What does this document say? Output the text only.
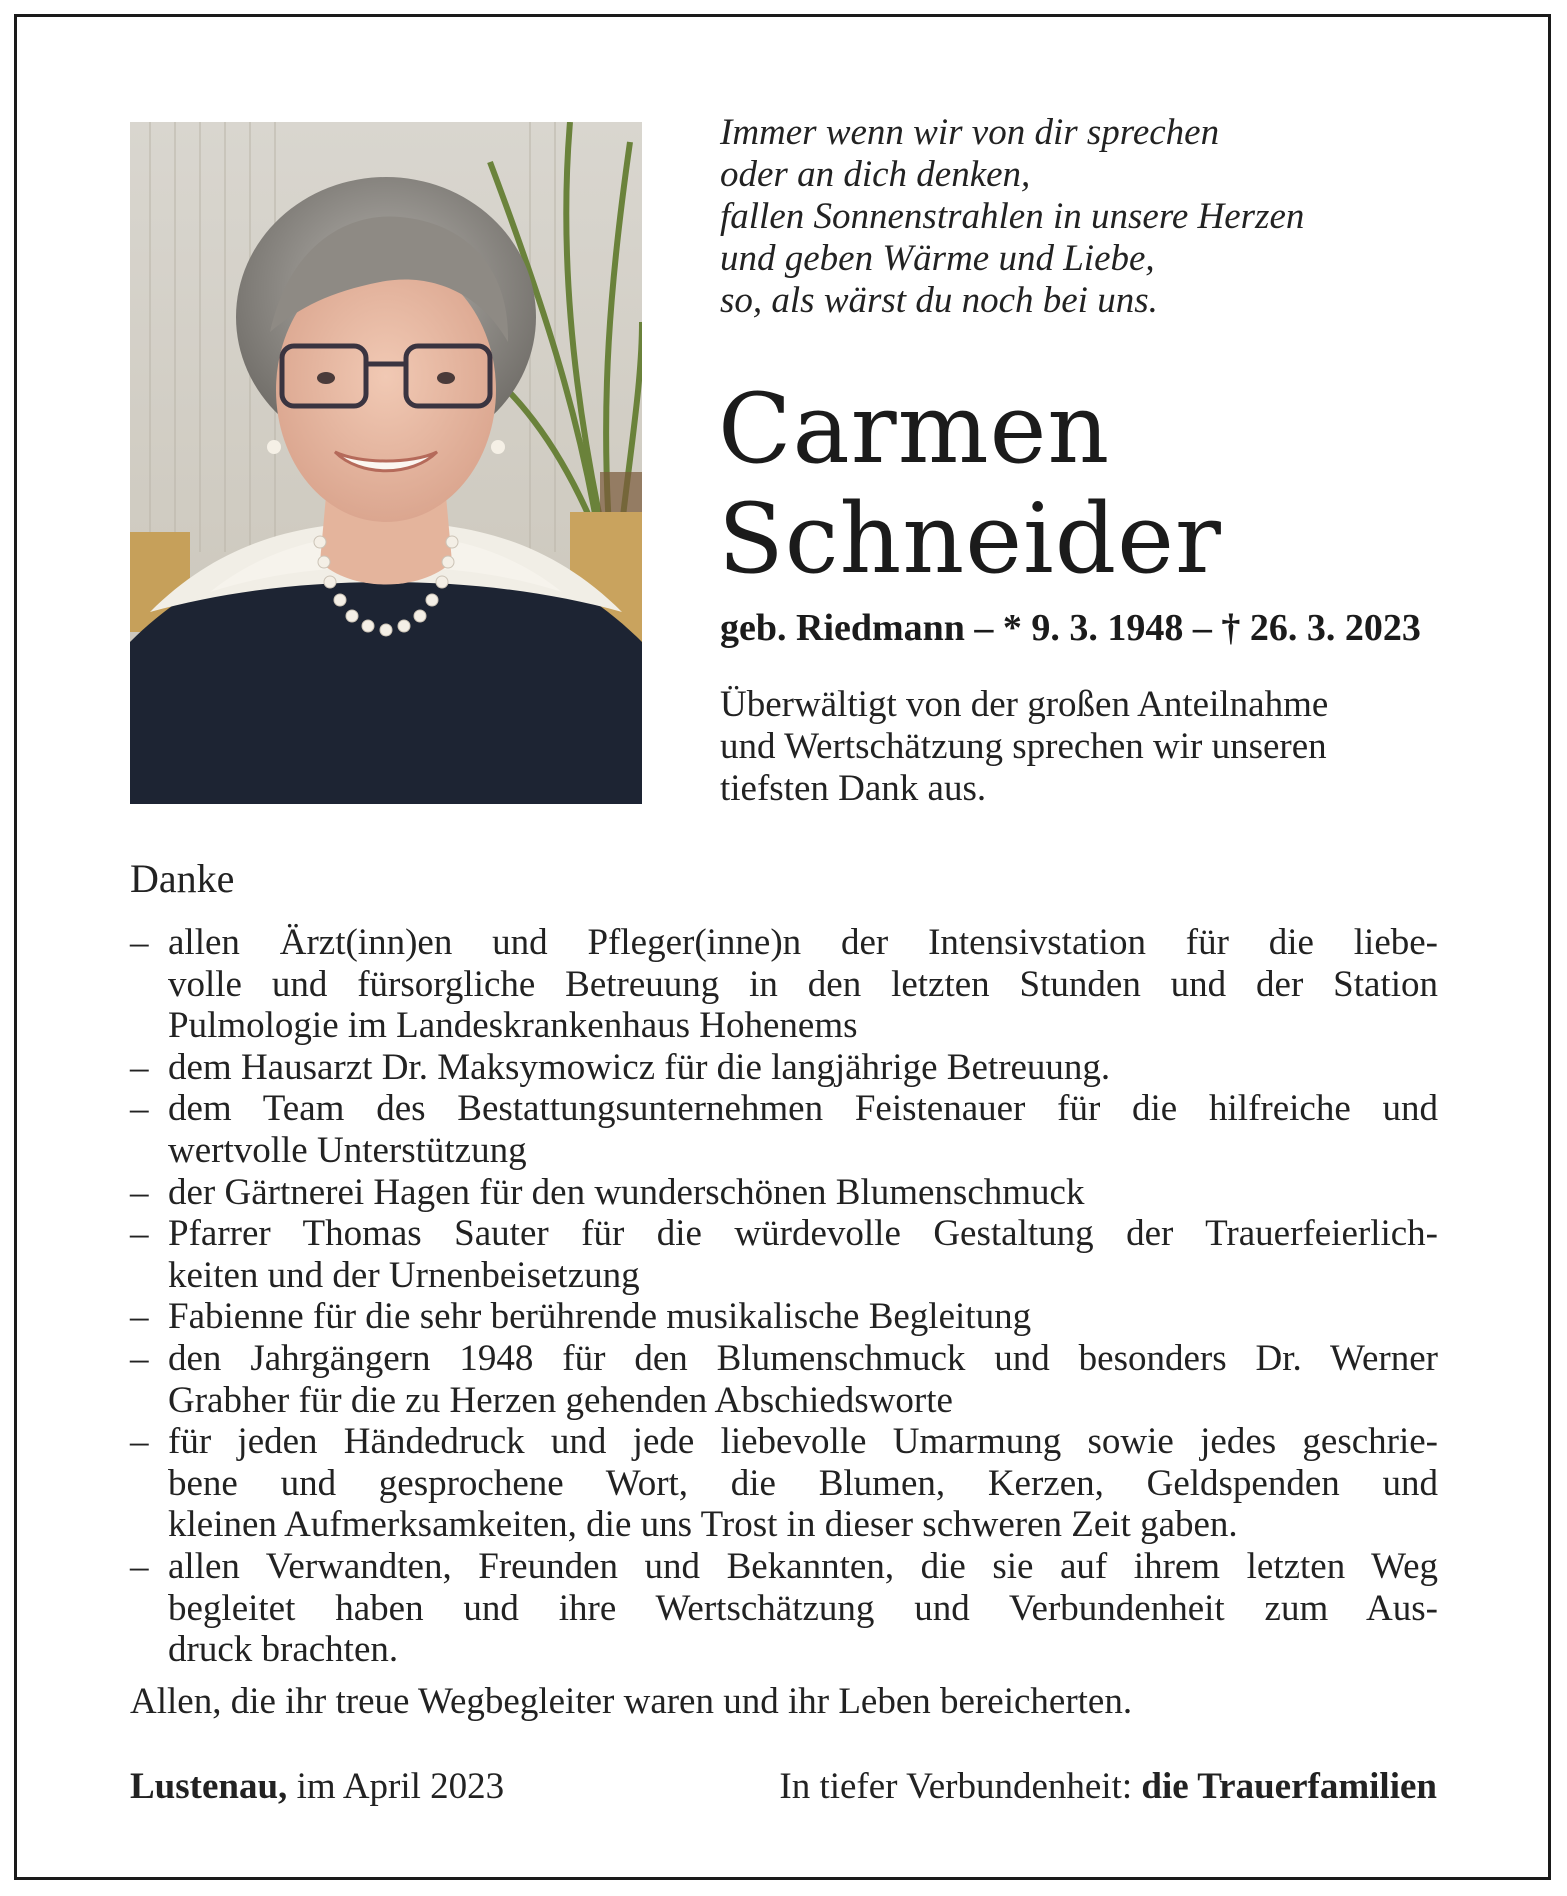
Immer wenn wir von dir sprechen
oder an dich denken,
fallen Sonnenstrahlen in unsere Herzen
und geben Wärme und Liebe,
so, als wärst du noch bei uns.
Carmen
Schneider
geb. Riedmann – * 9. 3. 1948 – † 26. 3. 2023
Überwältigt von der großen Anteilnahme
und Wertschätzung sprechen wir unseren
tiefsten Dank aus.
Danke
– allen Ärzt(inn)en und Pfleger(inne)n der Intensivstation für die liebe-
volle und fürsorgliche Betreuung in den letzten Stunden und der Station
Pulmologie im Landeskrankenhaus Hohenems
– dem Hausarzt Dr. Maksymowicz für die langjährige Betreuung.
– dem Team des Bestattungsunternehmen Feistenauer für die hilfreiche und
wertvolle Unterstützung
– der Gärtnerei Hagen für den wunderschönen Blumenschmuck
– Pfarrer Thomas Sauter für die würdevolle Gestaltung der Trauerfeierlich-
keiten und der Urnenbeisetzung
– Fabienne für die sehr berührende musikalische Begleitung
– den Jahrgängern 1948 für den Blumenschmuck und besonders Dr. Werner
Grabher für die zu Herzen gehenden Abschiedsworte
– für jeden Händedruck und jede liebevolle Umarmung sowie jedes geschrie-
bene und gesprochene Wort, die Blumen, Kerzen, Geldspenden und
kleinen Aufmerksamkeiten, die uns Trost in dieser schweren Zeit gaben.
– allen Verwandten, Freunden und Bekannten, die sie auf ihrem letzten Weg
begleitet haben und ihre Wertschätzung und Verbundenheit zum Aus-
druck brachten.
Allen, die ihr treue Wegbegleiter waren und ihr Leben bereicherten.
Lustenau, im April 2023	In tiefer Verbundenheit: die Trauerfamilien
